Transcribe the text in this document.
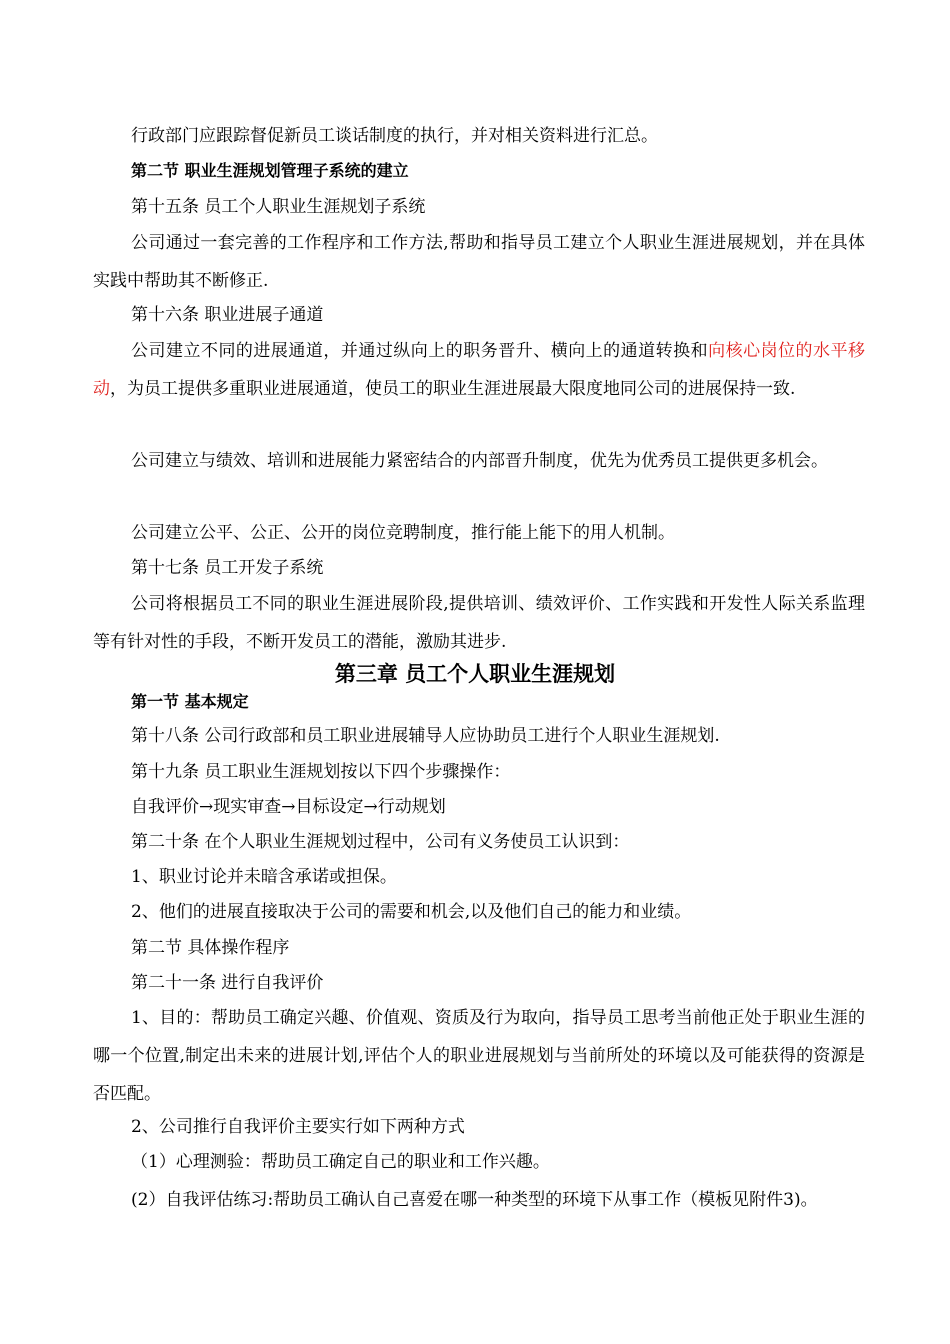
行政部门应跟踪督促新员工谈话制度的执行，并对相关资料进行汇总。
第二节 职业生涯规划管理子系统的建立
第十五条 员工个人职业生涯规划子系统
公司通过一套完善的工作程序和工作方法,帮助和指导员工建立个人职业生涯进展规划，并在具体实践中帮助其不断修正.
第十六条 职业进展子通道
公司建立不同的进展通道，并通过纵向上的职务晋升、横向上的通道转换和向核心岗位的水平移动，为员工提供多重职业进展通道，使员工的职业生涯进展最大限度地同公司的进展保持一致.
公司建立与绩效、培训和进展能力紧密结合的内部晋升制度，优先为优秀员工提供更多机会。
公司建立公平、公正、公开的岗位竞聘制度，推行能上能下的用人机制。
第十七条 员工开发子系统
公司将根据员工不同的职业生涯进展阶段,提供培训、绩效评价、工作实践和开发性人际关系监理等有针对性的手段，不断开发员工的潜能，激励其进步.
第三章 员工个人职业生涯规划
第一节 基本规定
第十八条 公司行政部和员工职业进展辅导人应协助员工进行个人职业生涯规划.
第十九条 员工职业生涯规划按以下四个步骤操作：
自我评价→现实审查→目标设定→行动规划
第二十条 在个人职业生涯规划过程中，公司有义务使员工认识到：
1、职业讨论并未暗含承诺或担保。
2、他们的进展直接取决于公司的需要和机会,以及他们自己的能力和业绩。
第二节 具体操作程序
第二十一条 进行自我评价
1、目的：帮助员工确定兴趣、价值观、资质及行为取向，指导员工思考当前他正处于职业生涯的哪一个位置,制定出未来的进展计划,评估个人的职业进展规划与当前所处的环境以及可能获得的资源是否匹配。
2、公司推行自我评价主要实行如下两种方式
（1）心理测验：帮助员工确定自己的职业和工作兴趣。
(2）自我评估练习:帮助员工确认自己喜爱在哪一种类型的环境下从事工作（模板见附件3)。
